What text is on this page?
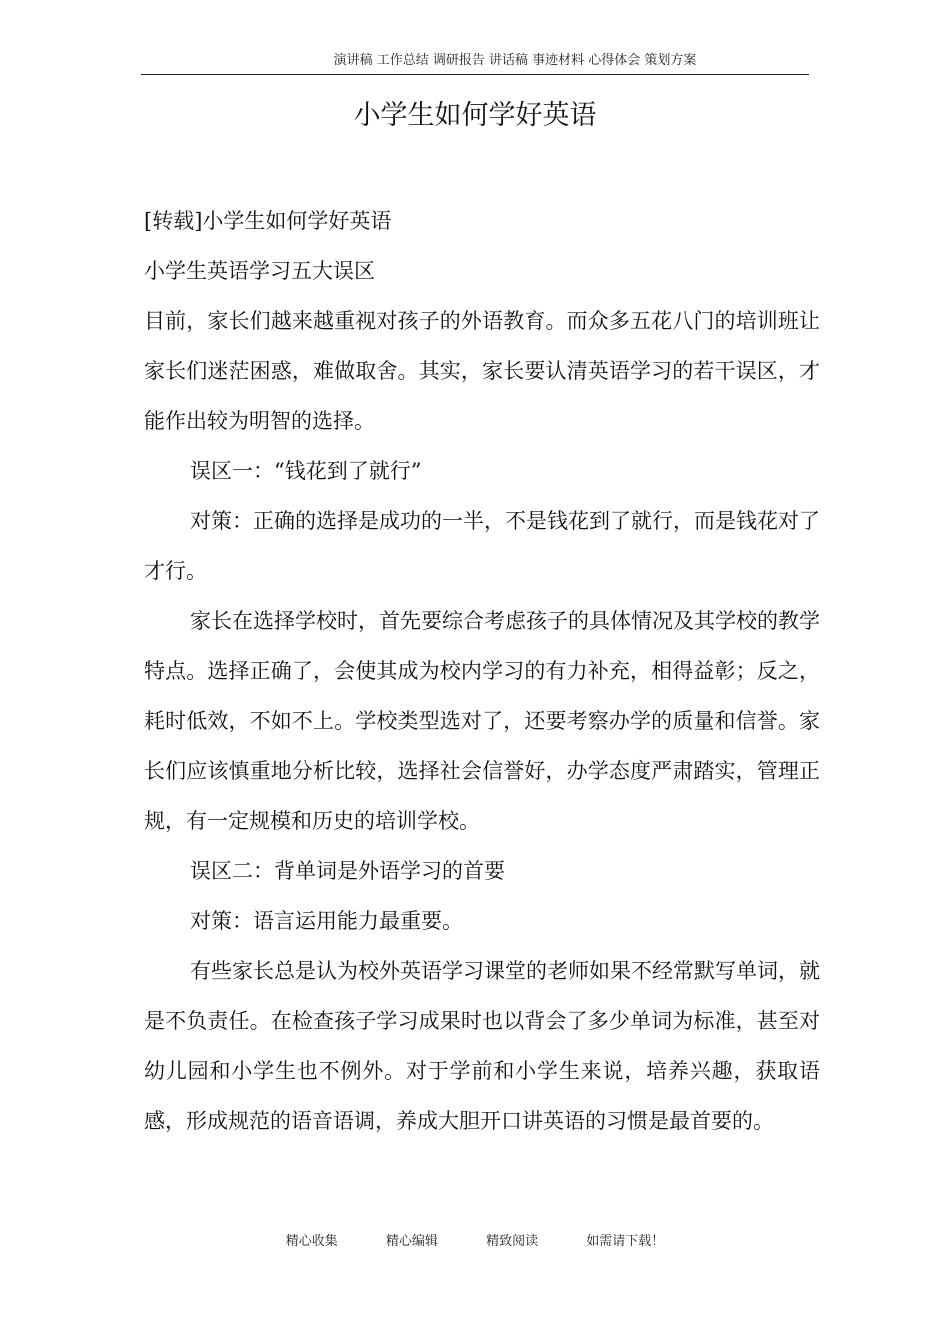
演讲稿 工作总结 调研报告 讲话稿 事迹材料 心得体会 策划方案
小学生如何学好英语

[转载]小学生如何学好英语

小学生英语学习五大误区

目前，家长们越来越重视对孩子的外语教育。而众多五花八门的培训班让家长们迷茫困惑，难做取舍。其实，家长要认清英语学习的若干误区，才能作出较为明智的选择。

误区一：“钱花到了就行”

对策：正确的选择是成功的一半，不是钱花到了就行，而是钱花对了才行。

家长在选择学校时，首先要综合考虑孩子的具体情况及其学校的教学特点。选择正确了，会使其成为校内学习的有力补充，相得益彰；反之，耗时低效，不如不上。学校类型选对了，还要考察办学的质量和信誉。家长们应该慎重地分析比较，选择社会信誉好，办学态度严肃踏实，管理正规，有一定规模和历史的培训学校。

误区二：背单词是外语学习的首要

对策：语言运用能力最重要。

有些家长总是认为校外英语学习课堂的老师如果不经常默写单词，就是不负责任。在检查孩子学习成果时也以背会了多少单词为标准，甚至对幼儿园和小学生也不例外。对于学前和小学生来说，培养兴趣，获取语感，形成规范的语音语调，养成大胆开口讲英语的习惯是最首要的。

精心收集	精心编辑	精致阅读	如需请下载！
